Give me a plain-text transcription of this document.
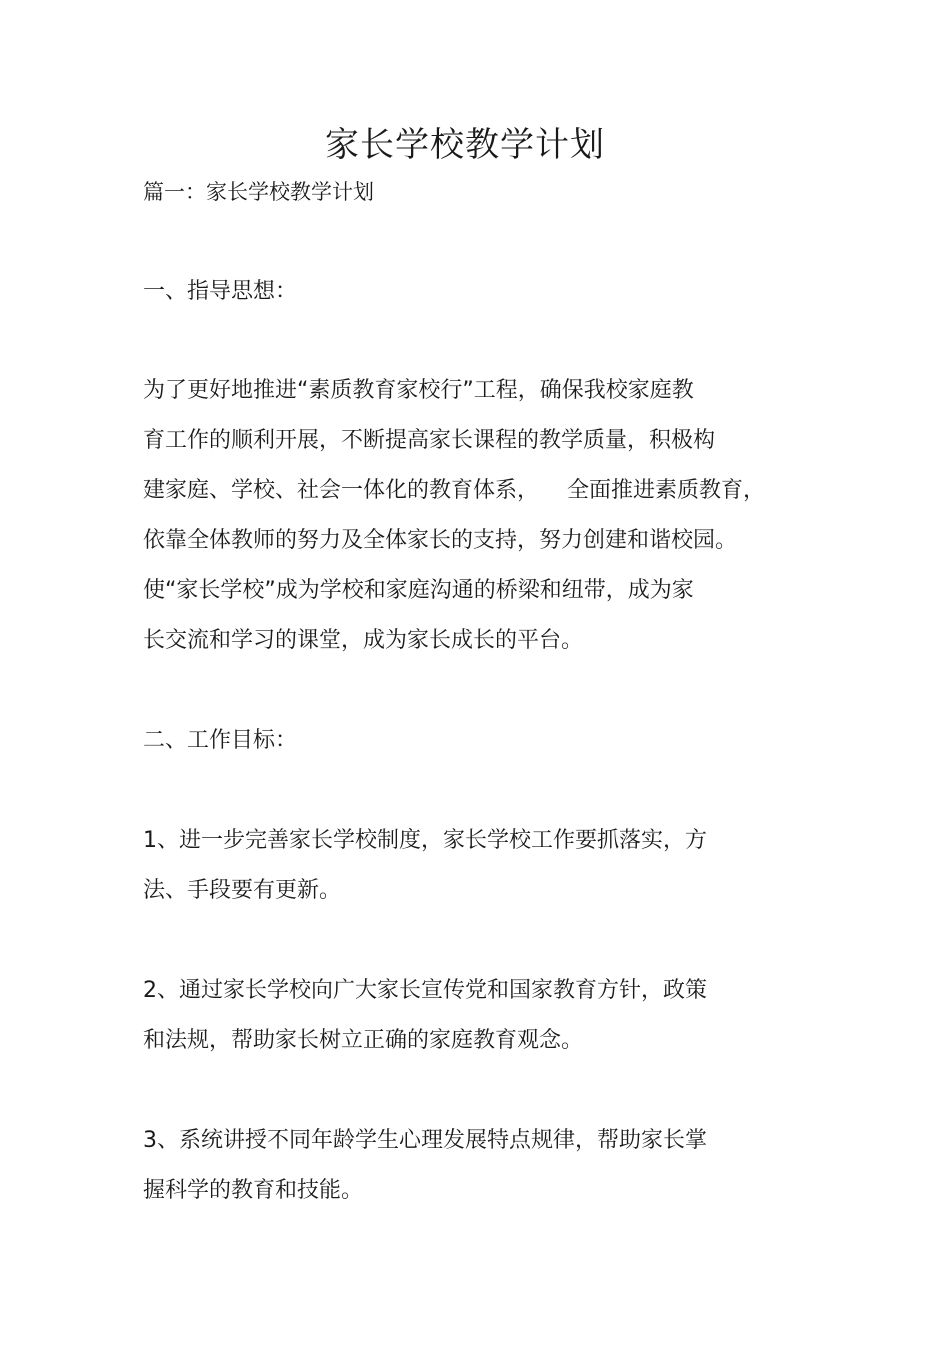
家长学校教学计划
篇一：家长学校教学计划
一、指导思想：
为了更好地推进“素质教育家校行”工程，确保我校家庭教
育工作的顺利开展，不断提高家长课程的教学质量，积极构
建家庭、学校、社会一体化的教育体系， 全面推进素质教育，
依靠全体教师的努力及全体家长的支持，努力创建和谐校园。
使“家长学校”成为学校和家庭沟通的桥梁和纽带，成为家
长交流和学习的课堂，成为家长成长的平台。
二、工作目标：
1、进一步完善家长学校制度，家长学校工作要抓落实，方
法、手段要有更新。
2、通过家长学校向广大家长宣传党和国家教育方针，政策
和法规，帮助家长树立正确的家庭教育观念。
3、系统讲授不同年龄学生心理发展特点规律，帮助家长掌
握科学的教育和技能。
